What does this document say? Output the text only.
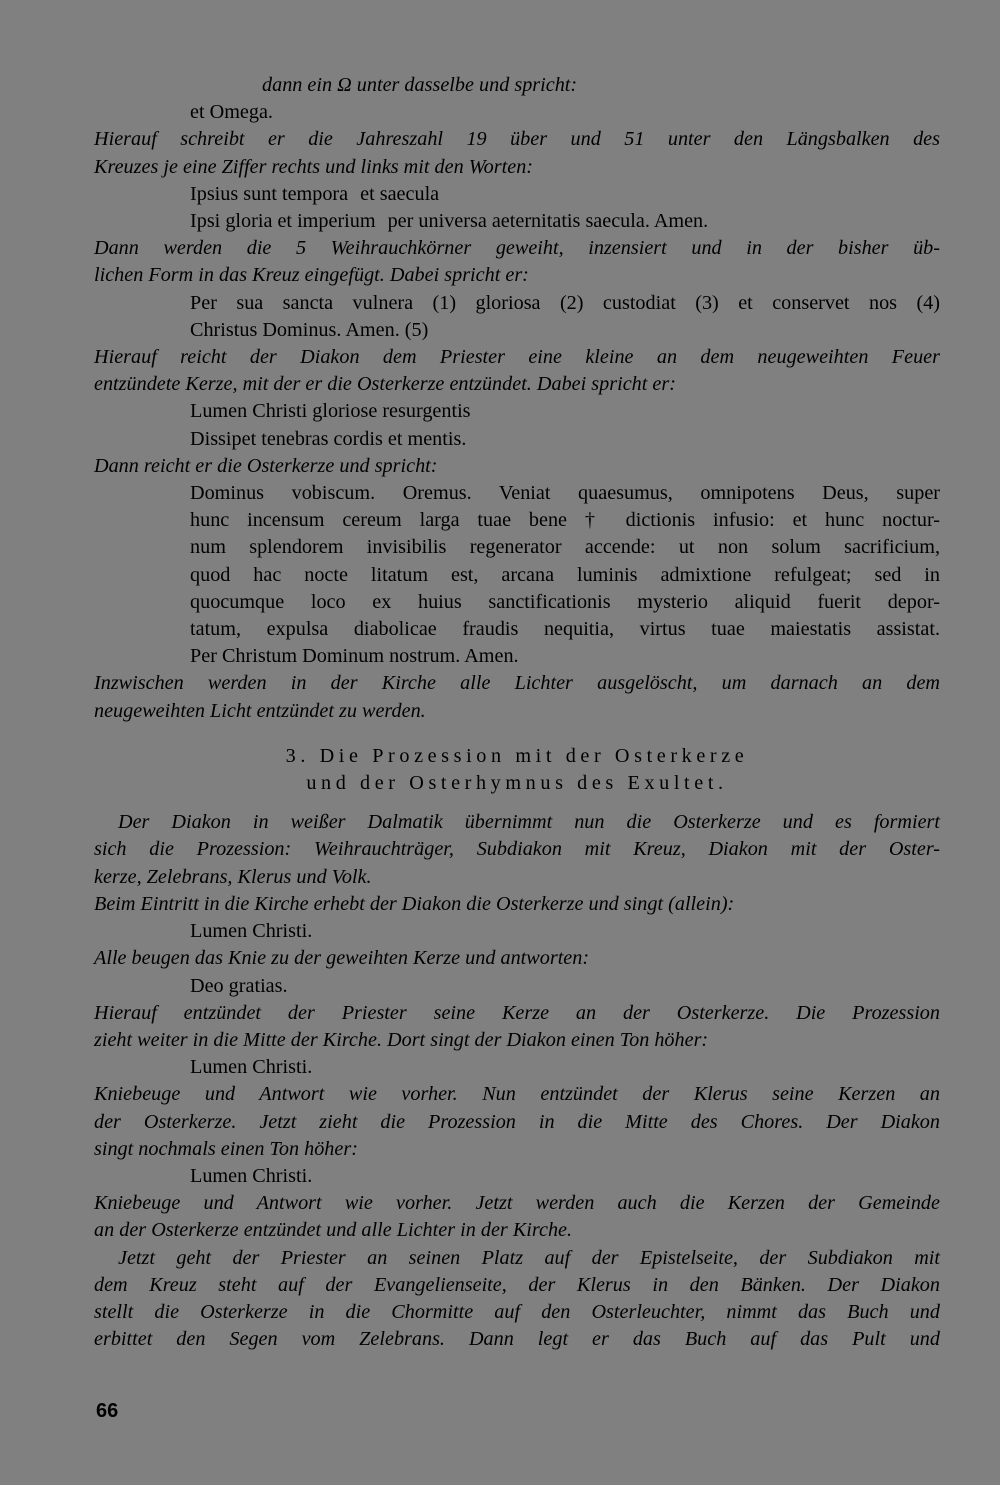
dann ein Ω unter dasselbe und spricht:
et Omega.
Hierauf schreibt er die Jahreszahl 19 über und 51 unter den Längsbalken des
Kreuzes je eine Ziffer rechts und links mit den Worten:
Ipsius sunt tempora et saecula
Ipsi gloria et imperium per universa aeternitatis saecula. Amen.
Dann werden die 5 Weihrauchkörner geweiht, inzensiert und in der bisher üb-
lichen Form in das Kreuz eingefügt. Dabei spricht er:
Per sua sancta vulnera (1) gloriosa (2) custodiat (3) et conservet nos (4)
Christus Dominus. Amen. (5)
Hierauf reicht der Diakon dem Priester eine kleine an dem neugeweihten Feuer
entzündete Kerze, mit der er die Osterkerze entzündet. Dabei spricht er:
Lumen Christi gloriose resurgentis
Dissipet tenebras cordis et mentis.
Dann reicht er die Osterkerze und spricht:
Dominus vobiscum. Oremus. Veniat quaesumus, omnipotens Deus, super
hunc incensum cereum larga tuae bene † dictionis infusio: et hunc noctur-
num splendorem invisibilis regenerator accende: ut non solum sacrificium,
quod hac nocte litatum est, arcana luminis admixtione refulgeat; sed in
quocumque loco ex huius sanctificationis mysterio aliquid fuerit depor-
tatum, expulsa diabolicae fraudis nequitia, virtus tuae maiestatis assistat.
Per Christum Dominum nostrum. Amen.
Inzwischen werden in der Kirche alle Lichter ausgelöscht, um darnach an dem
neugeweihten Licht entzündet zu werden.
3. Die Prozession mit der Osterkerze
und der Osterhymnus des Exultet.
Der Diakon in weißer Dalmatik übernimmt nun die Osterkerze und es formiert
sich die Prozession: Weihrauchträger, Subdiakon mit Kreuz, Diakon mit der Oster-
kerze, Zelebrans, Klerus und Volk.
Beim Eintritt in die Kirche erhebt der Diakon die Osterkerze und singt (allein):
Lumen Christi.
Alle beugen das Knie zu der geweihten Kerze und antworten:
Deo gratias.
Hierauf entzündet der Priester seine Kerze an der Osterkerze. Die Prozession
zieht weiter in die Mitte der Kirche. Dort singt der Diakon einen Ton höher:
Lumen Christi.
Kniebeuge und Antwort wie vorher. Nun entzündet der Klerus seine Kerzen an
der Osterkerze. Jetzt zieht die Prozession in die Mitte des Chores. Der Diakon
singt nochmals einen Ton höher:
Lumen Christi.
Kniebeuge und Antwort wie vorher. Jetzt werden auch die Kerzen der Gemeinde
an der Osterkerze entzündet und alle Lichter in der Kirche.
Jetzt geht der Priester an seinen Platz auf der Epistelseite, der Subdiakon mit
dem Kreuz steht auf der Evangelienseite, der Klerus in den Bänken. Der Diakon
stellt die Osterkerze in die Chormitte auf den Osterleuchter, nimmt das Buch und
erbittet den Segen vom Zelebrans. Dann legt er das Buch auf das Pult und
66
